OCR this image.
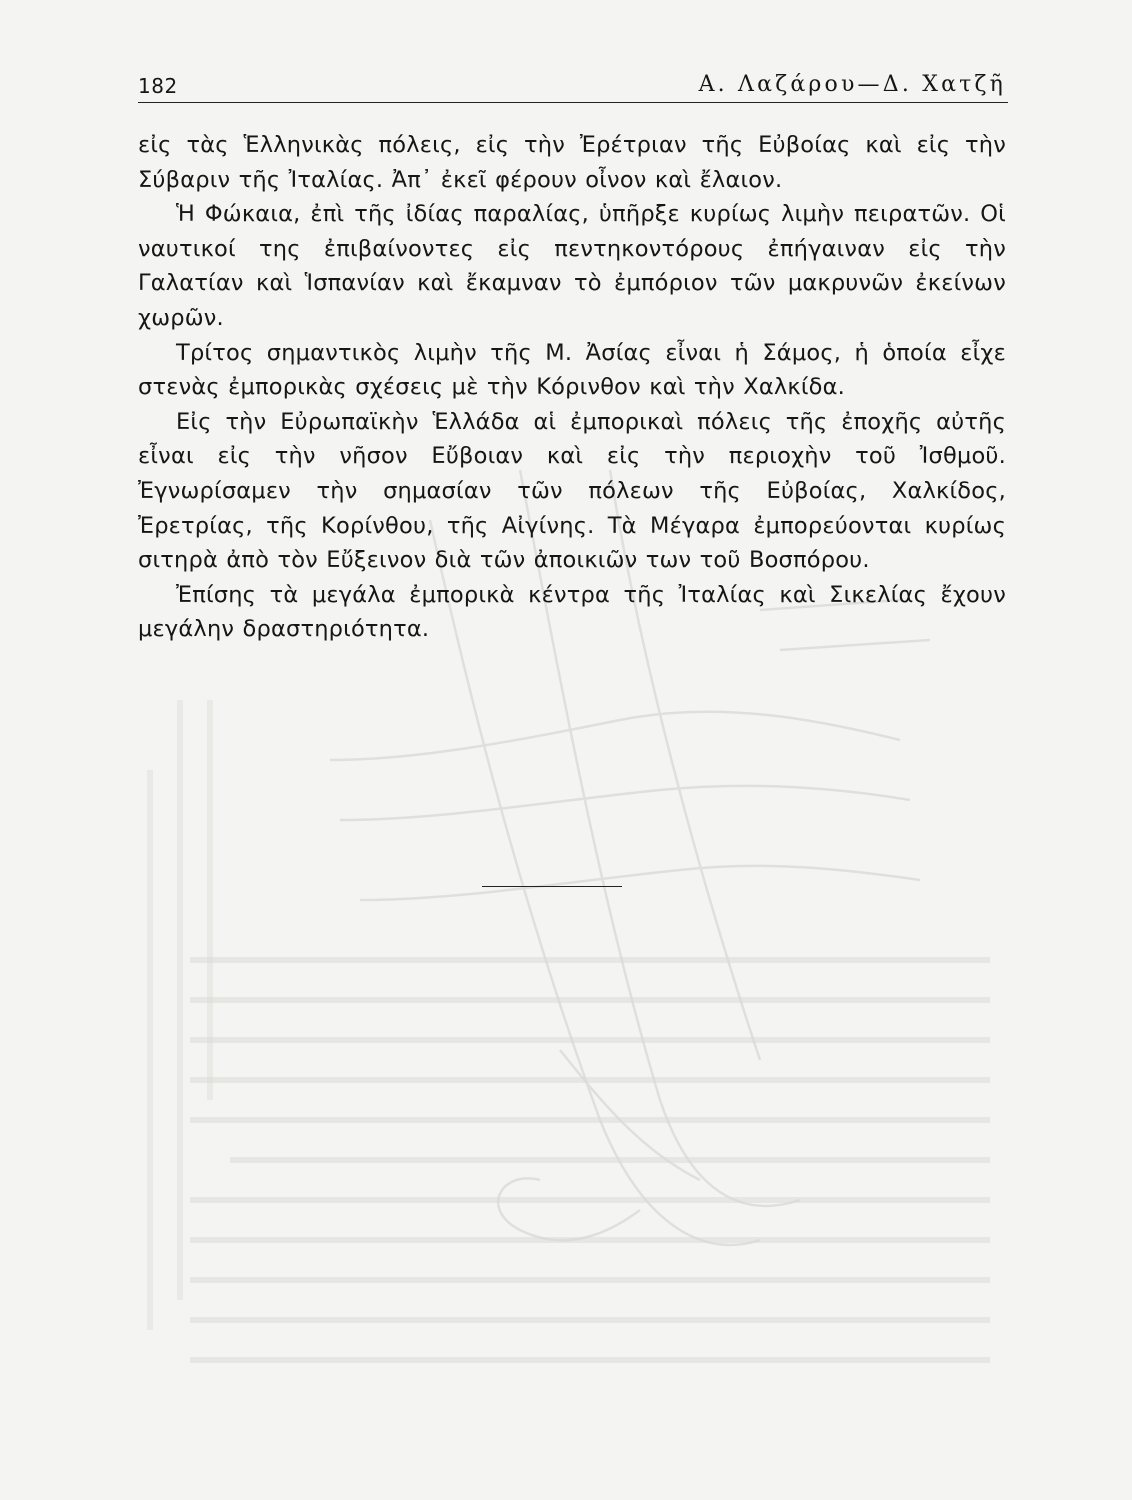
182	Α. Λαζάρου—Δ. Χατζῆ

εἰς τὰς Ἑλληνικὰς πόλεις, εἰς τὴν Ἐρέτριαν τῆς Εὐβοίας καὶ εἰς τὴν Σύβαριν τῆς Ἰταλίας. Ἀπ᾽ ἐκεῖ φέρουν οἶνον καὶ ἔλαιον.

Ἡ Φώκαια, ἐπὶ τῆς ἰδίας παραλίας, ὑπῆρξε κυρίως λιμὴν πειρατῶν. Οἱ ναυτικοί της ἐπιβαίνοντες εἰς πεντηκοντόρους ἐπήγαιναν εἰς τὴν Γαλατίαν καὶ Ἱσπανίαν καὶ ἔκαμναν τὸ ἐμπόριον τῶν μακρυνῶν ἐκείνων χωρῶν.

Τρίτος σημαντικὸς λιμὴν τῆς Μ. Ἀσίας εἶναι ἡ Σάμος, ἡ ὁποία εἶχε στενὰς ἐμπορικὰς σχέσεις μὲ τὴν Κόρινθον καὶ τὴν Χαλκίδα.

Εἰς τὴν Εὐρωπαϊκὴν Ἑλλάδα αἱ ἐμπορικαὶ πόλεις τῆς ἐποχῆς αὐτῆς εἶναι εἰς τὴν νῆσον Εὔβοιαν καὶ εἰς τὴν περιοχὴν τοῦ Ἰσθμοῦ. Ἐγνωρίσαμεν τὴν σημασίαν τῶν πόλεων τῆς Εὐβοίας, Χαλκίδος, Ἐρετρίας, τῆς Κορίνθου, τῆς Αἰγίνης. Τὰ Μέγαρα ἐμπορεύονται κυρίως σιτηρὰ ἀπὸ τὸν Εὔξεινον διὰ τῶν ἀποικιῶν των τοῦ Βοσπόρου.

Ἐπίσης τὰ μεγάλα ἐμπορικὰ κέντρα τῆς Ἰταλίας καὶ Σικελίας ἔχουν μεγάλην δραστηριότητα.
